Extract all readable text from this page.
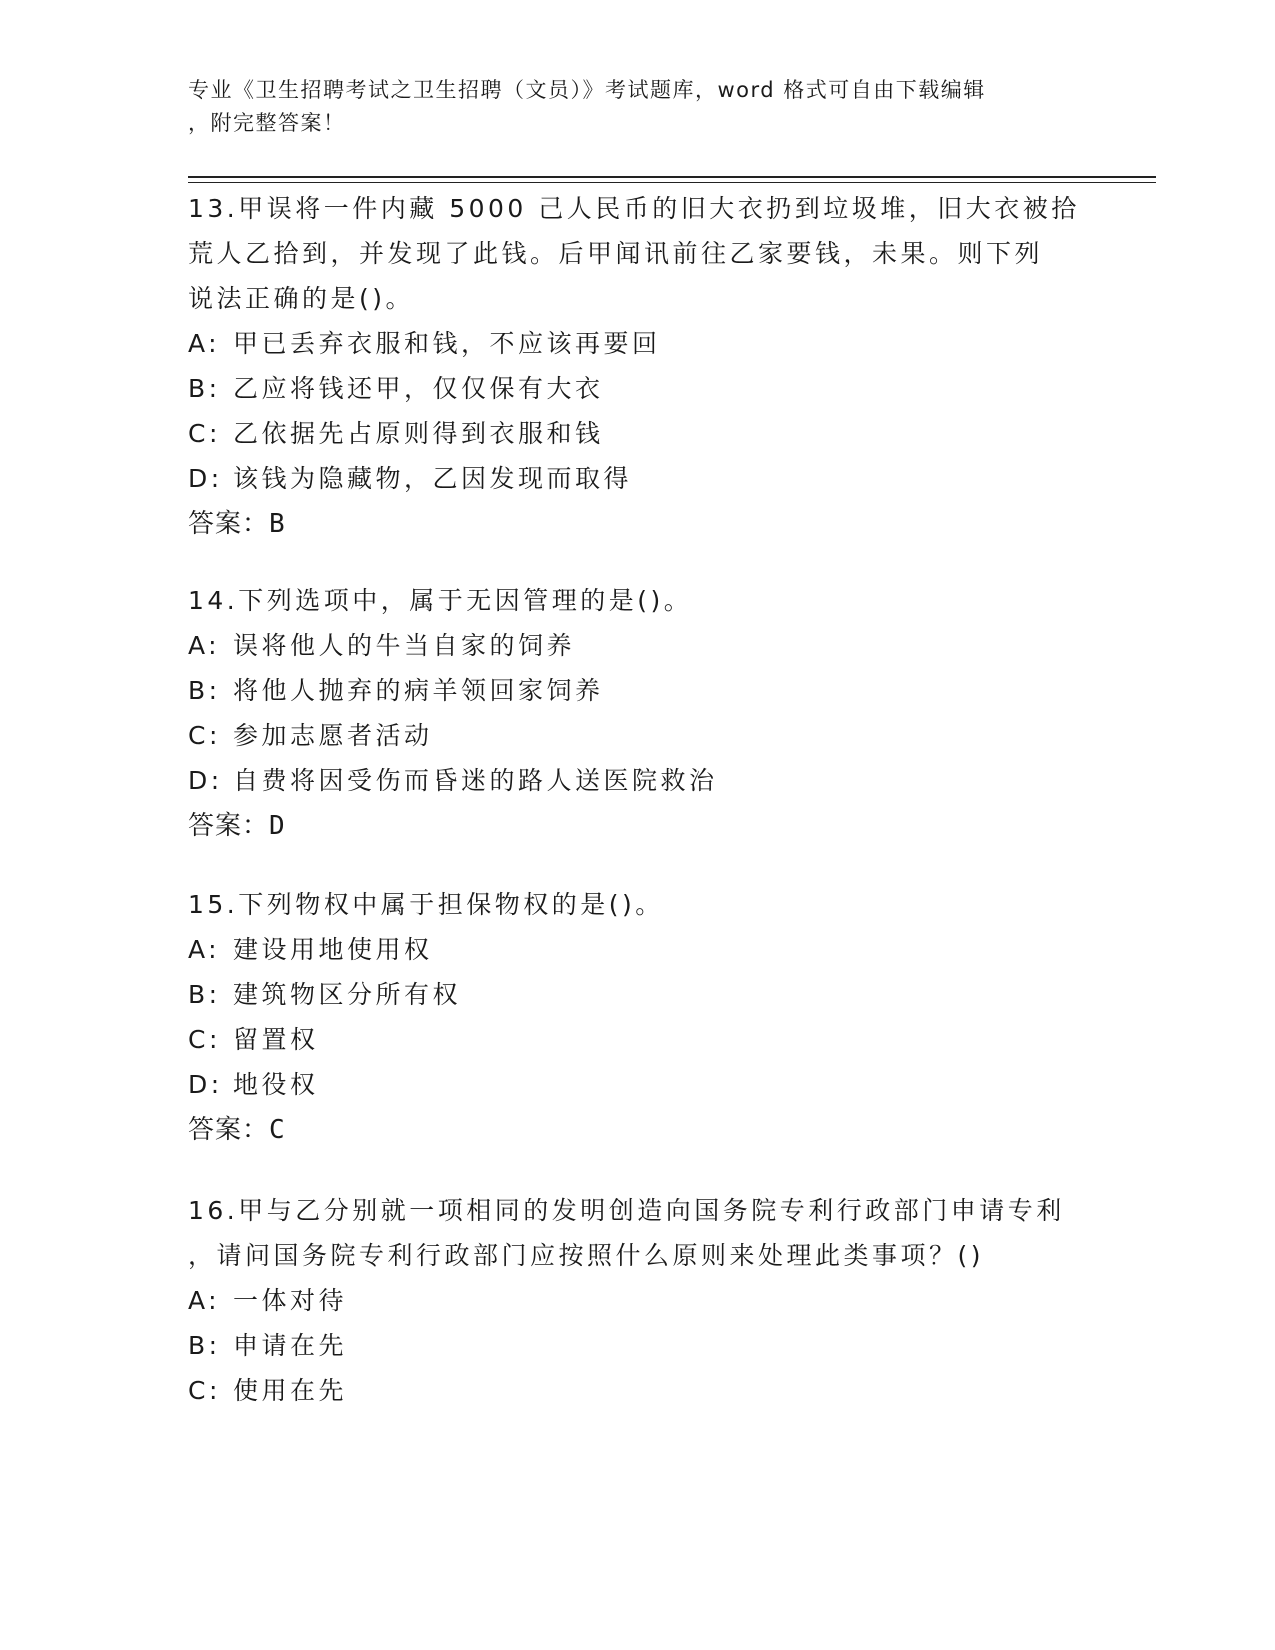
专业《卫生招聘考试之卫生招聘（文员）》考试题库，word 格式可自由下载编辑
，附完整答案！
13.甲误将一件内藏 5000 己人民币的旧大衣扔到垃圾堆，旧大衣被拾
荒人乙拾到，并发现了此钱。后甲闻讯前往乙家要钱，未果。则下列
说法正确的是()。
A: 甲已丢弃衣服和钱，不应该再要回
B: 乙应将钱还甲，仅仅保有大衣
C: 乙依据先占原则得到衣服和钱
D: 该钱为隐藏物，乙因发现而取得
答案：B
14.下列选项中，属于无因管理的是()。
A: 误将他人的牛当自家的饲养
B: 将他人抛弃的病羊领回家饲养
C: 参加志愿者活动
D: 自费将因受伤而昏迷的路人送医院救治
答案：D
15.下列物权中属于担保物权的是()。
A: 建设用地使用权
B: 建筑物区分所有权
C: 留置权
D: 地役权
答案：C
16.甲与乙分别就一项相同的发明创造向国务院专利行政部门申请专利
，请问国务院专利行政部门应按照什么原则来处理此类事项？()
A: 一体对待
B: 申请在先
C: 使用在先
